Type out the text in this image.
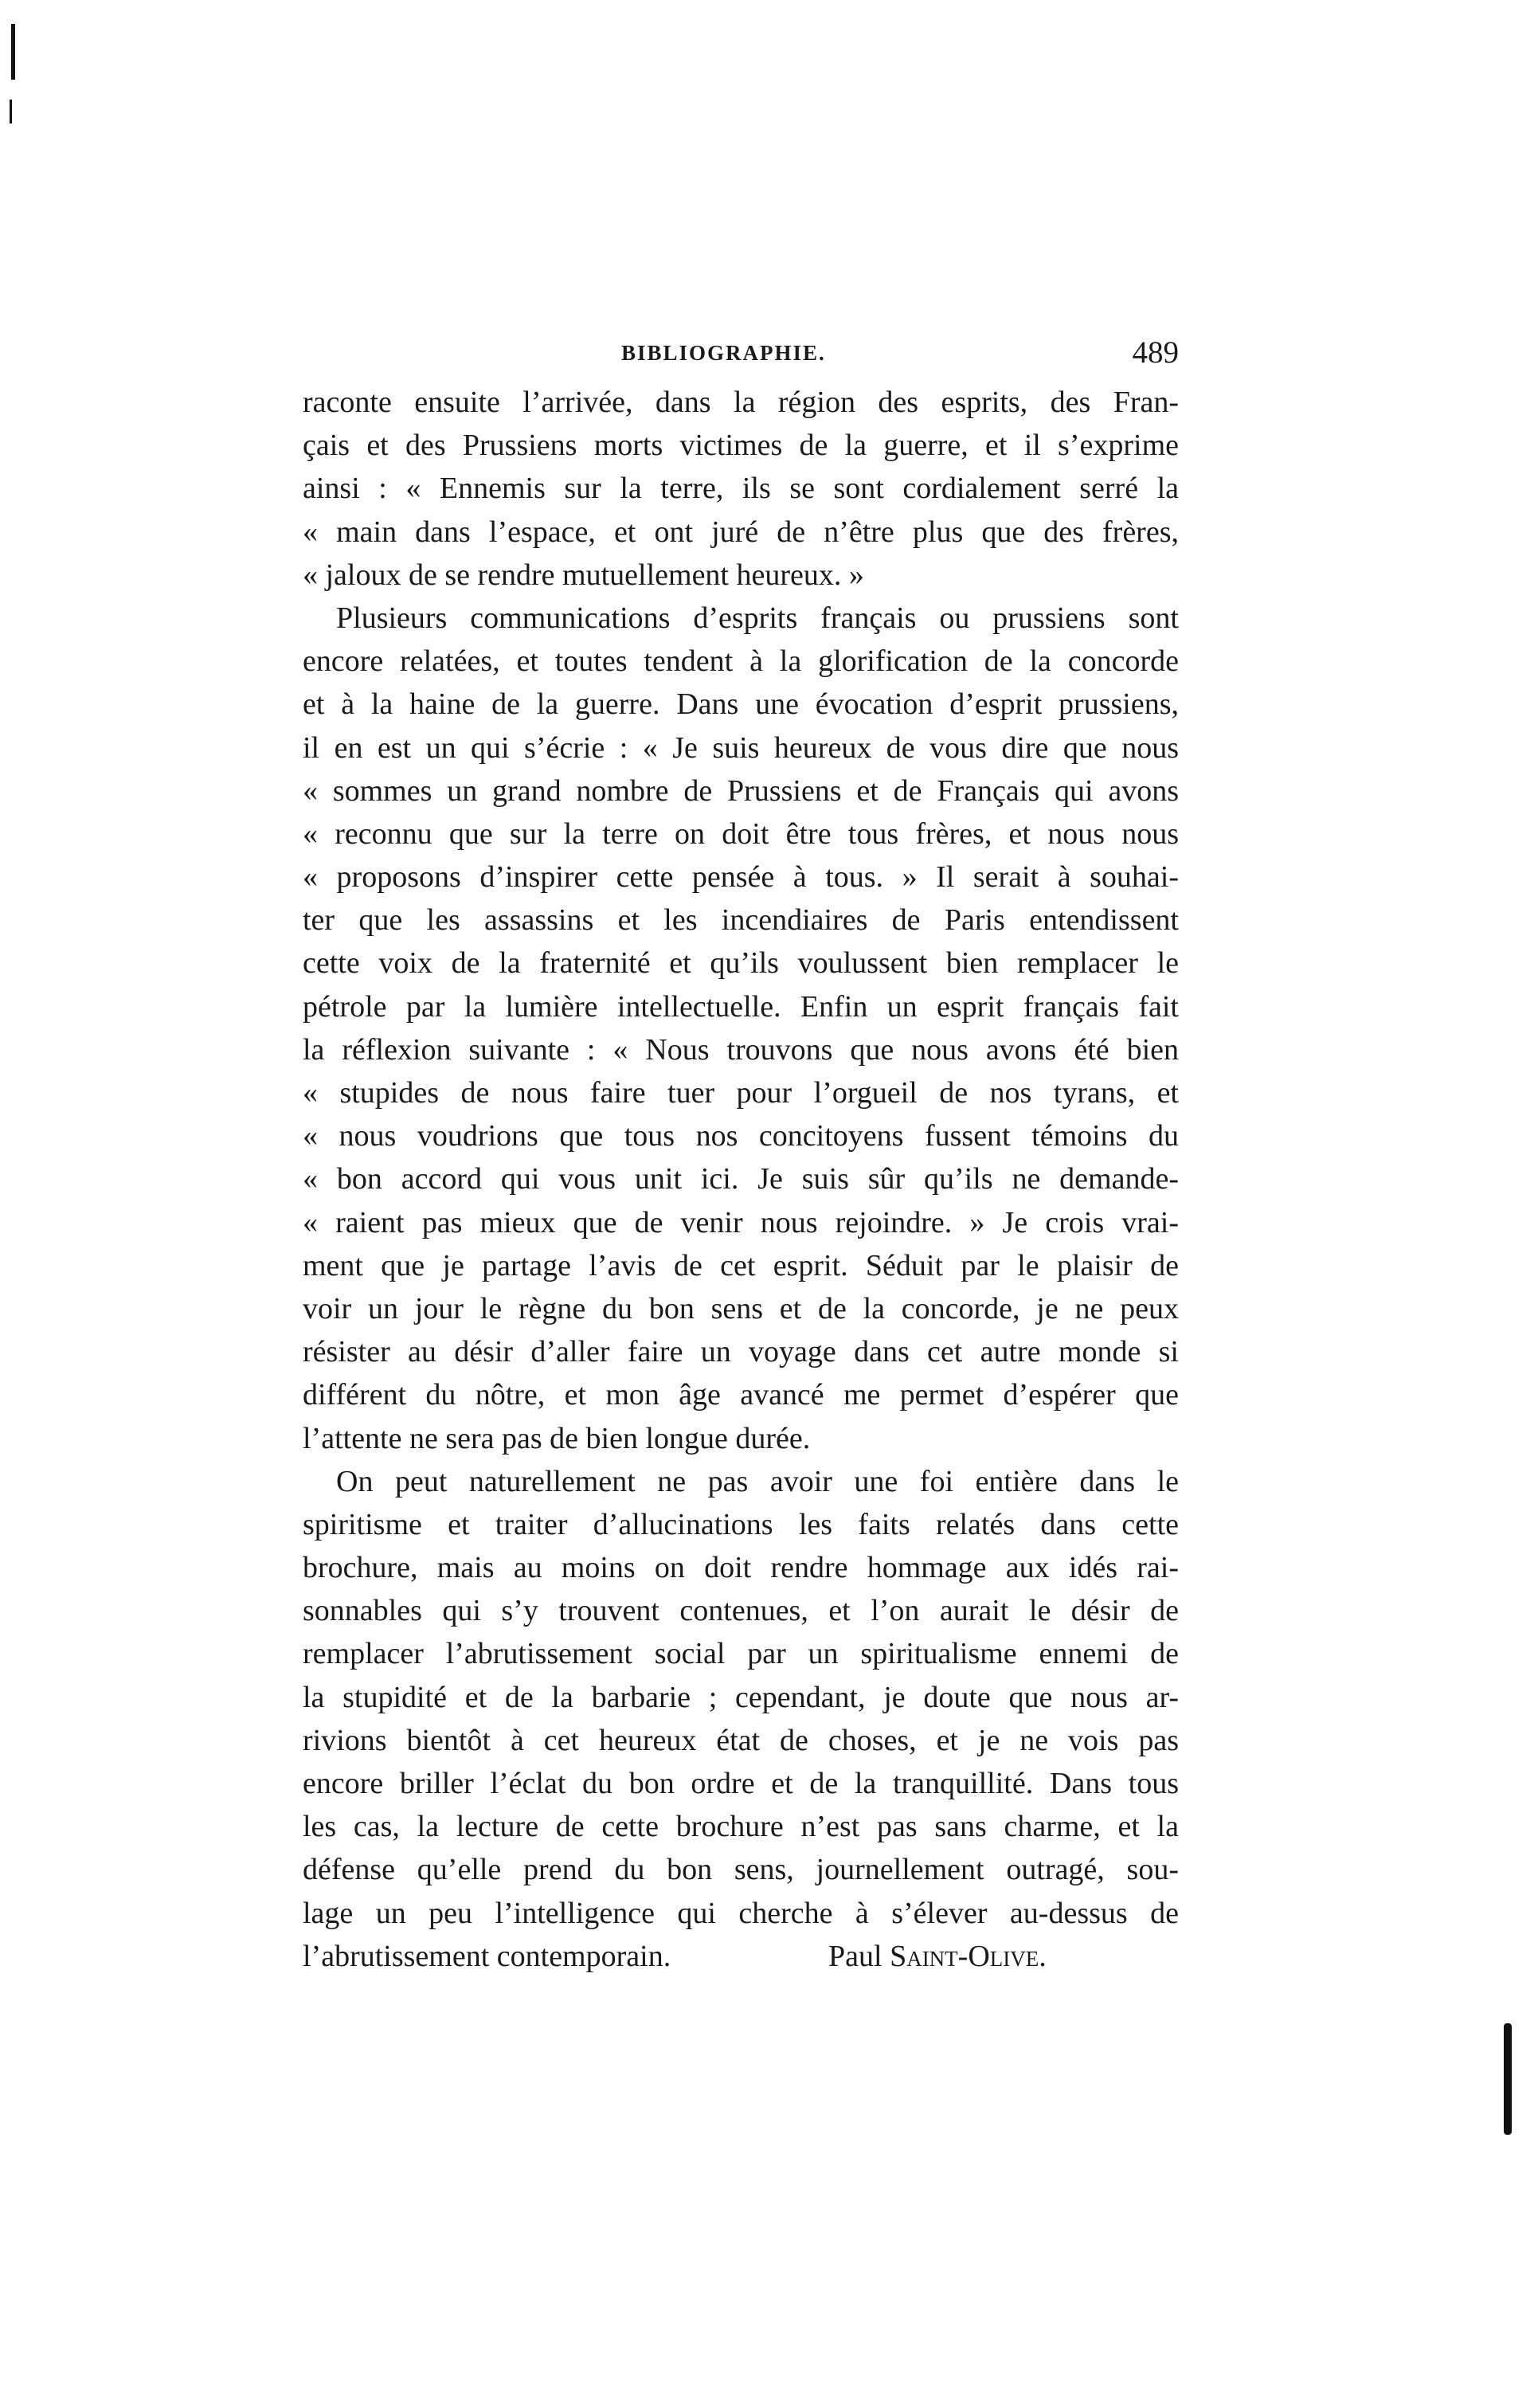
BIBLIOGRAPHIE.	489
raconte ensuite l’arrivée, dans la région des esprits, des Fran-
çais et des Prussiens morts victimes de la guerre, et il s’exprime
ainsi : « Ennemis sur la terre, ils se sont cordialement serré la
« main dans l’espace, et ont juré de n’être plus que des frères,
« jaloux de se rendre mutuellement heureux. »
Plusieurs communications d’esprits français ou prussiens sont
encore relatées, et toutes tendent à la glorification de la concorde
et à la haine de la guerre. Dans une évocation d’esprit prussiens,
il en est un qui s’écrie : « Je suis heureux de vous dire que nous
« sommes un grand nombre de Prussiens et de Français qui avons
« reconnu que sur la terre on doit être tous frères, et nous nous
« proposons d’inspirer cette pensée à tous. » Il serait à souhai-
ter que les assassins et les incendiaires de Paris entendissent
cette voix de la fraternité et qu’ils voulussent bien remplacer le
pétrole par la lumière intellectuelle. Enfin un esprit français fait
la réflexion suivante : « Nous trouvons que nous avons été bien
« stupides de nous faire tuer pour l’orgueil de nos tyrans, et
« nous voudrions que tous nos concitoyens fussent témoins du
« bon accord qui vous unit ici. Je suis sûr qu’ils ne demande-
« raient pas mieux que de venir nous rejoindre. » Je crois vrai-
ment que je partage l’avis de cet esprit. Séduit par le plaisir de
voir un jour le règne du bon sens et de la concorde, je ne peux
résister au désir d’aller faire un voyage dans cet autre monde si
différent du nôtre, et mon âge avancé me permet d’espérer que
l’attente ne sera pas de bien longue durée.
On peut naturellement ne pas avoir une foi entière dans le
spiritisme et traiter d’allucinations les faits relatés dans cette
brochure, mais au moins on doit rendre hommage aux idés rai-
sonnables qui s’y trouvent contenues, et l’on aurait le désir de
remplacer l’abrutissement social par un spiritualisme ennemi de
la stupidité et de la barbarie ; cependant, je doute que nous ar-
rivions bientôt à cet heureux état de choses, et je ne vois pas
encore briller l’éclat du bon ordre et de la tranquillité. Dans tous
les cas, la lecture de cette brochure n’est pas sans charme, et la
défense qu’elle prend du bon sens, journellement outragé, sou-
lage un peu l’intelligence qui cherche à s’élever au-dessus de
l’abrutissement contemporain.	Paul Saint-Olive.
